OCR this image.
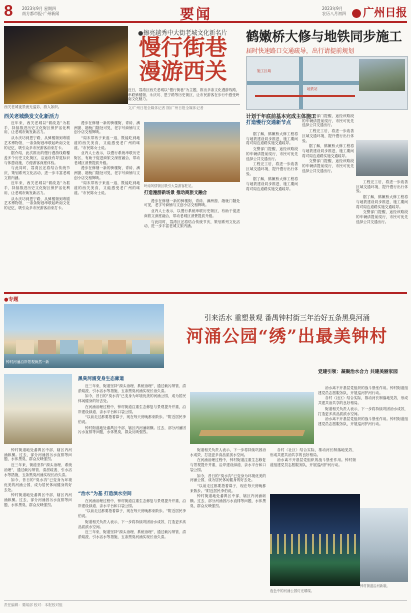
8 2023年9月 星期四
南方都市报·广州新闻	要闻	2023年9月
农历八月初四	广州日报
西关老城夜景流光溢彩，游人如织。
●擦亮越秀中大街老城文化新名片
慢行街巷
漫游西关
近日，荔湾区西关老城以“慢行街巷”为主题，推出多条文化漫游线路，串联骑楼街、永庆坊、恩宁路等历史街区，让市民游客在步行中感受岭南文化魅力。
文/广州日报全媒体记者 图/广州日报全媒体记者
鹤嫩桥大修与地铁同步施工
届时快速路口交通疏导，出行请提前规划
地铁站
施工区域
西关老城焕发文化新活力

近年来，西关老城以“微改造”为抓手，持续推进历史文化街区保护活化利用，让老城市焕发新活力。

从永庆坊到恩宁路，从骑楼街到粤剧艺术博物馆，一条条街巷串联起岭南文化的记忆，吸引众多市民游客前来打卡。

据介绍，此次推出的慢行漫游线路覆盖多个历史文化街区，沿途设有导览标识与休憩设施，方便游客深度体验。

与此同时，荔湾区还将结合传统节庆，策划系列文化活动，进一步丰富老城文旅内涵。

近年来，西关老城以“微改造”为抓手，持续推进历史文化街区保护活化利用，让老城市焕发新活力。

从永庆坊到恩宁路，从骑楼街到粤剧艺术博物馆，一条条街巷串联起岭南文化的记忆，吸引众多市民游客前来打卡。

漫步在修缮一新的骑楼街，青砖、满洲窗、趟栊门随处可见，老字号商铺与文创小店交相辉映。

“周末带孩子来逛一逛，既能吃到地道的西关美食，又能感受老广州的味道。”市民陈女士说。

业内人士表示，以慢行系统串联历史街区，有助于促进商旅文深度融合，带动老城区消费提质升级。

漫步在修缮一新的骑楼街，青砖、满洲窗、趟栊门随处可见，老字号商铺与文创小店交相辉映。

“周末带孩子来逛一逛，既能吃到地道的西关美食，又能感受老广州的味道。”市民陈女士说。

岭南风情街区吸引大量游客驻足。

打造漫游新场景 推动商旅文融合

漫步在修缮一新的骑楼街，青砖、满洲窗、趟栊门随处可见，老字号商铺与文创小店交相辉映。

业内人士表示，以慢行系统串联历史街区，有助于促进商旅文深度融合，带动老城区消费提质升级。

与此同时，荔湾区还将结合传统节庆，策划系列文化活动，进一步丰富老城文旅内涵。

计划于年底前基本完成主体施工
打造慢行交通新节点

据了解，鹤嫩桥大修工程将与地铁建设同步推进，施工期间将对周边道路实施交通疏导。

交警部门提醒，途经该路段的车辆请提前绕行，市民可优先选择公共交通出行。

工程完工后，将进一步改善区域交通环境，提升慢行出行体验。

据了解，鹤嫩桥大修工程将与地铁建设同步推进，施工期间将对周边道路实施交通疏导。

交警部门提醒，途经该路段的车辆请提前绕行，市民可优先选择公共交通出行。

工程完工后，将进一步改善区域交通环境，提升慢行出行体验。

据了解，鹤嫩桥大修工程将与地铁建设同步推进，施工期间将对周边道路实施交通疏导。

交警部门提醒，途经该路段的车辆请提前绕行，市民可优先选择公共交通出行。

工程完工后，将进一步改善区域交通环境，提升慢行出行体验。

据了解，鹤嫩桥大修工程将与地铁建设同步推进，施工期间将对周边道路实施交通疏导。

交警部门提醒，途经该路段的车辆请提前绕行，市民可优先选择公共交通出行。

●专题
钟村河涌沿岸景观焕然一新
引来活水 重塑景观 番禺钟村街三年治好五条黑臭河涌
河涌公园“绣”出最美钟村

钟村街道地处番禺区中部，辖区内河涌纵横。过去，部分河涌因污水直排等问题，水体黑臭，群众反映强烈。

近三年来，街道坚持“源头治理、系统治理”，通过截污纳管、清淤疏浚、引水活水等措施，五条黑臭河涌实现长治久清。

如今，昔日的“臭水沟”已变身为环境优美的河涌公园，成为居民休闲健身的好去处。

钟村街道地处番禺区中部，辖区内河涌纵横。过去，部分河涌因污水直排等问题，水体黑臭，群众反映强烈。

黑臭河涌变身生态廊道

近三年来，街道坚持“源头治理、系统治理”，通过截污纳管、清淤疏浚、引水活水等措施，五条黑臭河涌实现长治久清。

如今，昔日的“臭水沟”已变身为环境优美的河涌公园，成为居民休闲健身的好去处。

在河涌治理过程中，钟村街道注重生态修复与景观提升并重，沿岸建设绿道、亲水平台和口袋公园。

“以前走过都要捂着鼻子，现在每天傍晚都来散步。”附近居民李伯说。

钟村街道地处番禺区中部，辖区内河涌纵横。过去，部分河涌因污水直排等问题，水体黑臭，群众反映强烈。

“治水”为基 打造滨水空间

在河涌治理过程中，钟村街道注重生态修复与景观提升并重，沿岸建设绿道、亲水平台和口袋公园。

“以前走过都要捂着鼻子，现在每天傍晚都来散步。”附近居民李伯说。

街道相关负责人表示，下一步将持续巩固治水成效，打造更多高品质滨水空间。

近三年来，街道坚持“源头治理、系统治理”，通过截污纳管、清淤疏浚、引水活水等措施，五条黑臭河涌实现长治久清。

街道相关负责人表示，下一步将持续巩固治水成效，打造更多高品质滨水空间。

在河涌治理过程中，钟村街道注重生态修复与景观提升并重，沿岸建设绿道、亲水平台和口袋公园。

如今，昔日的“臭水沟”已变身为环境优美的河涌公园，成为居民休闲健身的好去处。

“以前走过都要捂着鼻子，现在每天傍晚都来散步。”附近居民李伯说。

钟村街道地处番禺区中部，辖区内河涌纵横。过去，部分河涌因污水直排等问题，水体黑臭，群众反映强烈。

党建引领：凝聚治水合力 共建美丽家园

治水离不开基层党组织的战斗堡垒作用。钟村街道组建党员志愿服务队，开展巡河护河行动。

各村（社区）结合实际，推动河长制落地见效，形成共建共治共享的良好格局。

街道相关负责人表示，下一步将持续巩固治水成效，打造更多高品质滨水空间。

治水离不开基层党组织的战斗堡垒作用。钟村街道组建党员志愿服务队，开展巡河护河行动。

各村（社区）结合实际，推动河长制落地见效，形成共建共治共享的良好格局。

治水离不开基层党组织的战斗堡垒作用。钟村街道组建党员志愿服务队，开展巡河护河行动。

夜色中的河涌公园灯光璀璨。
钟村街道沿河新貌。
责任编辑：要闻部 校对：本报校对组
